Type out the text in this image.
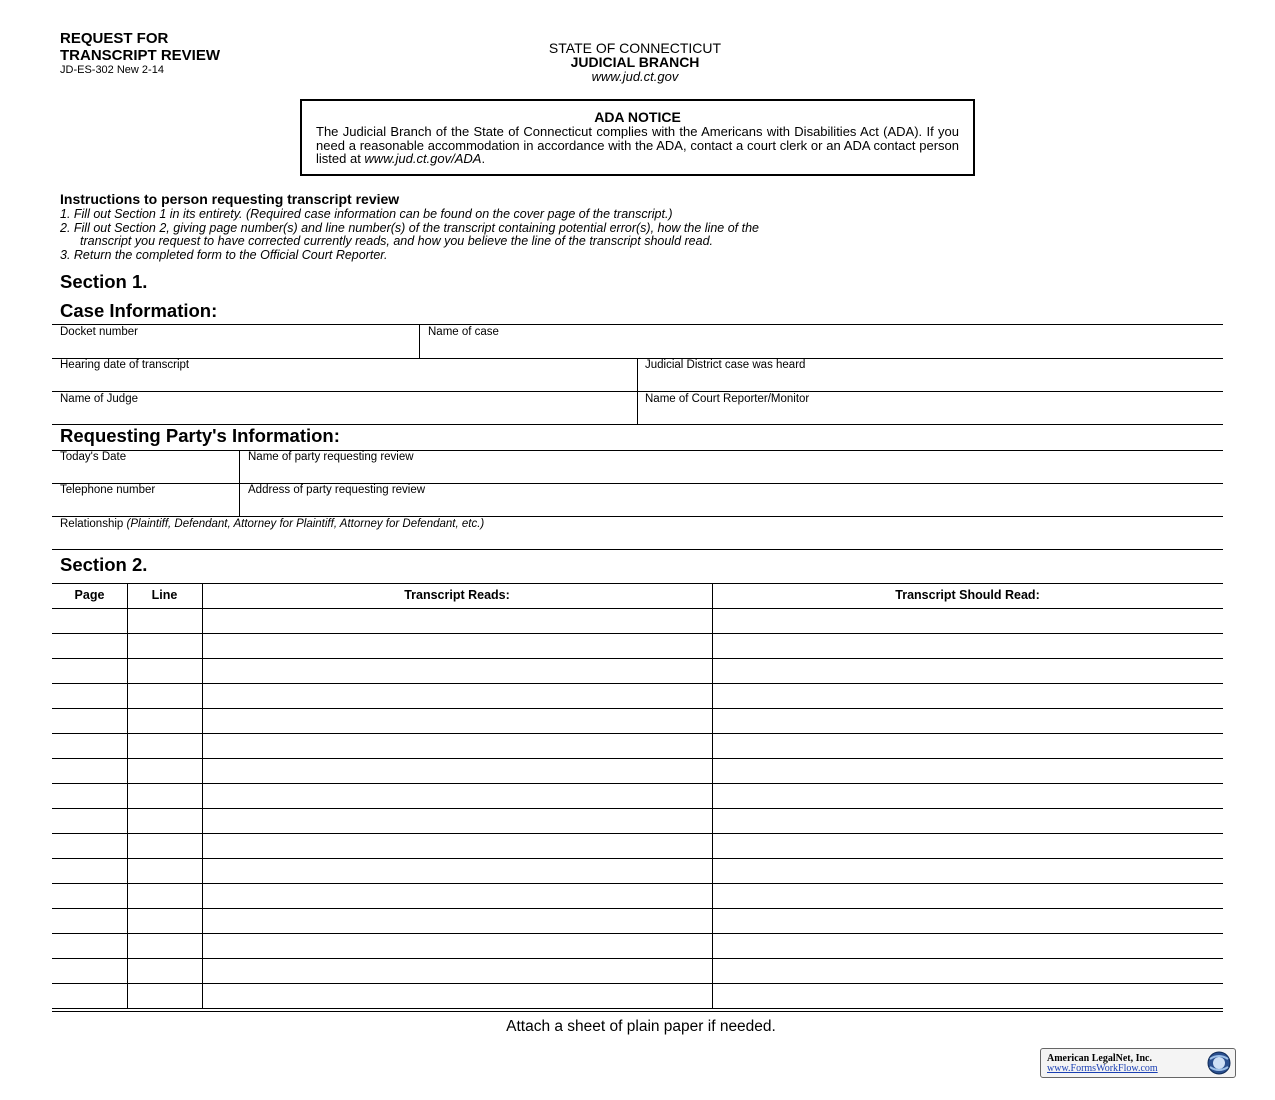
REQUEST FOR
TRANSCRIPT REVIEW
JD-ES-302 New 2-14
STATE OF CONNECTICUT
JUDICIAL BRANCH
www.jud.ct.gov
ADA NOTICE
The Judicial Branch of the State of Connecticut complies with the Americans with Disabilities Act (ADA). If you need a reasonable accommodation in accordance with the ADA, contact a court clerk or an ADA contact person listed at www.jud.ct.gov/ADA.
Instructions to person requesting transcript review
1. Fill out Section 1 in its entirety. (Required case information can be found on the cover page of the transcript.)
2. Fill out Section 2, giving page number(s) and line number(s) of the transcript containing potential error(s), how the line of the
transcript you request to have corrected currently reads, and how you believe the line of the transcript should read.
3. Return the completed form to the Official Court Reporter.
Section 1.
Case Information:
Docket number	Name of case
Hearing date of transcript	Judicial District case was heard
Name of Judge	Name of Court Reporter/Monitor
Requesting Party's Information:
Today's Date	Name of party requesting review
Telephone number	Address of party requesting review
Relationship (Plaintiff, Defendant, Attorney for Plaintiff, Attorney for Defendant, etc.)
Section 2.
Page	Line	Transcript Reads:	Transcript Should Read:
Attach a sheet of plain paper if needed.
American LegalNet, Inc.
www.FormsWorkFlow.com
